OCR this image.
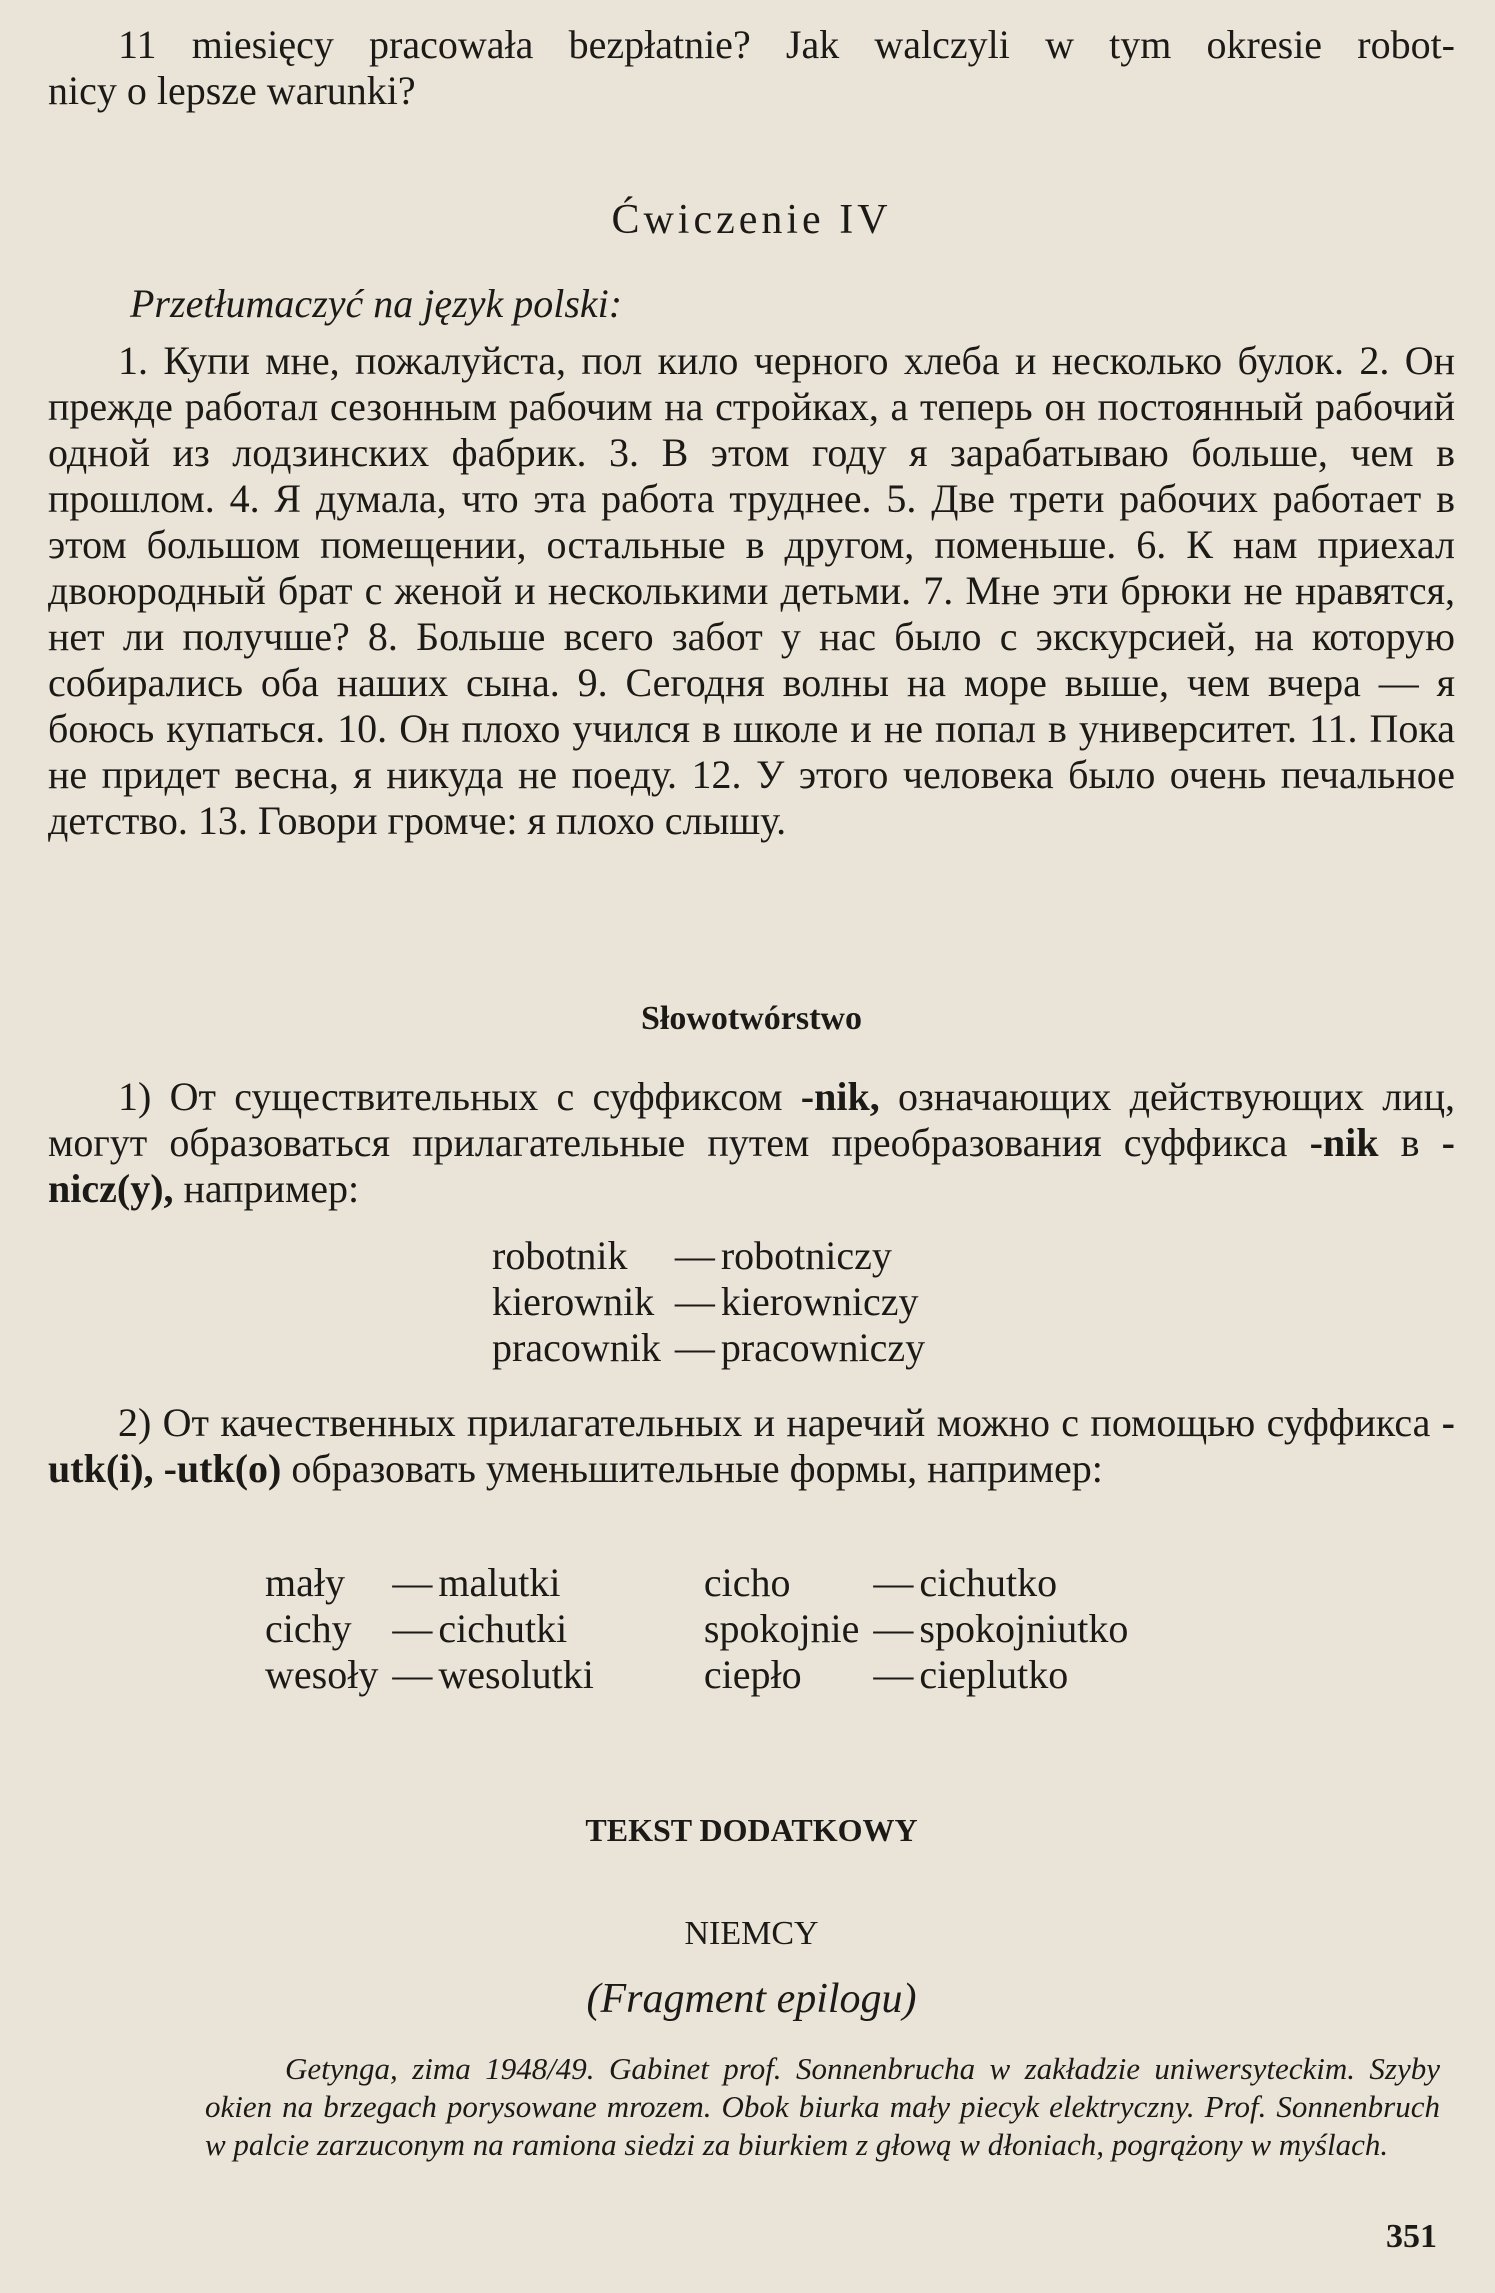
11 miesięcy pracowała bezpłatnie? Jak walczyli w tym okresie robot-
nicy o lepsze warunki?
Ćwiczenie IV
Przetłumaczyć na język polski:

1. Купи мне, пожалуйста, пол кило черного хлеба и несколько булок. 2. Он прежде работал сезонным рабочим на стройках, а теперь он постоянный рабочий одной из лодзинских фабрик. 3. В этом году я зарабатываю больше, чем в прошлом. 4. Я думала, что эта работа труднее. 5. Две трети рабочих работает в этом большом помещении, остальные в другом, поменьше. 6. К нам приехал двоюродный брат с женой и несколькими детьми. 7. Мне эти брюки не нравятся, нет ли получше? 8. Больше всего забот у нас было с экскурсией, на которую собирались оба наших сына. 9. Сегодня волны на море выше, чем вчера — я боюсь купаться. 10. Он плохо учился в школе и не попал в университет. 11. Пока не придет весна, я никуда не поеду. 12. У этого человека было очень печальное детство. 13. Говори громче: я плохо слышу.

Słowotwórstwo

1) От существительных с суффиксом -nik, означающих действующих лиц, могут образоваться прилагательные путем преобразования суффикса -nik в -nicz(y), например:

robotnik	—	robotniczy
kierownik	—	kierowniczy
pracownik	—	pracowniczy

2) От качественных прилагательных и наречий можно с помощью суффикса -utk(i), -utk(o) образовать уменьшительные формы, например:

mały	—	malutki	cicho	—	cichutko
cichy	—	cichutki	spokojnie	—	spokojniutko
wesoły	—	wesolutki	ciepło	—	cieplutko
TEKST DODATKOWY
NIEMCY
(Fragment epilogu)

Getynga, zima 1948/49. Gabinet prof. Sonnenbrucha w zakładzie uniwersyteckim. Szyby okien na brzegach porysowane mrozem. Obok biurka mały piecyk elektryczny. Prof. Sonnenbruch w palcie zarzuconym na ramiona siedzi za biurkiem z głową w dłoniach, pogrążony w myślach.

351
